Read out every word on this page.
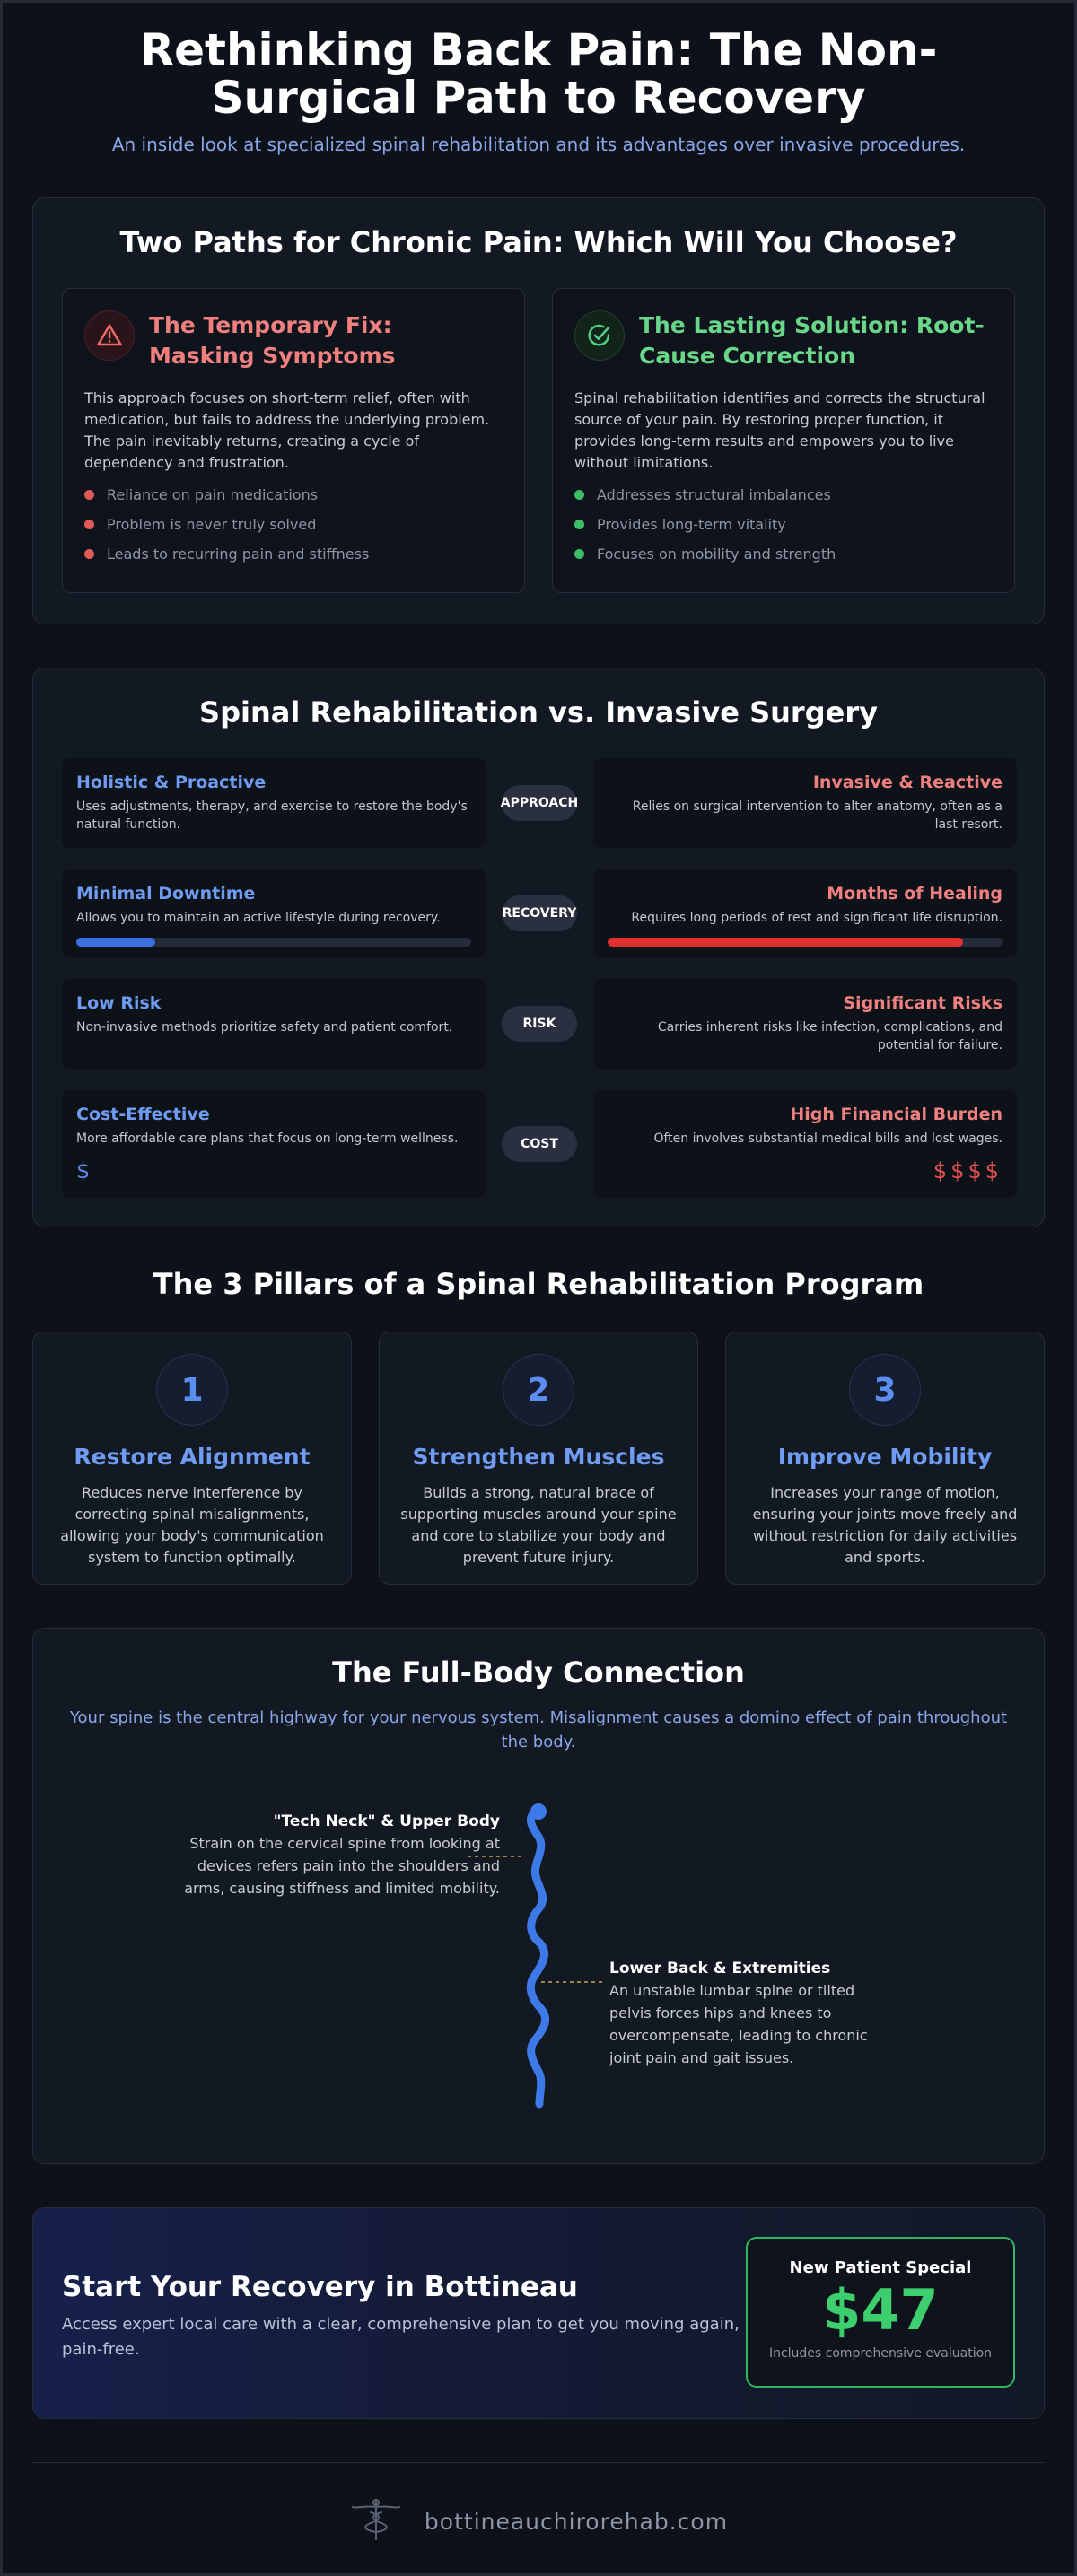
Rethinking Back Pain: The Non-Surgical Path to Recovery

An inside look at specialized spinal rehabilitation and its advantages over invasive procedures.

Two Paths for Chronic Pain: Which Will You Choose?
The Temporary Fix: Masking Symptoms

This approach focuses on short-term relief, often with medication, but fails to address the underlying problem. The pain inevitably returns, creating a cycle of dependency and frustration.

Reliance on pain medications
Problem is never truly solved
Leads to recurring pain and stiffness
The Lasting Solution: Root-Cause Correction

Spinal rehabilitation identifies and corrects the structural source of your pain. By restoring proper function, it provides long-term results and empowers you to live without limitations.

Addresses structural imbalances
Provides long-term vitality
Focuses on mobility and strength
Spinal Rehabilitation vs. Invasive Surgery
Holistic & Proactive
Uses adjustments, therapy, and exercise to restore the body's natural function.
APPROACH
Invasive & Reactive
Relies on surgical intervention to alter anatomy, often as a last resort.
Minimal Downtime
Allows you to maintain an active lifestyle during recovery.	RECOVERY
Months of Healing
Requires long periods of rest and significant life disruption.
Low Risk
Non-invasive methods prioritize safety and patient comfort.	RISK
Significant Risks
Carries inherent risks like infection, complications, and potential for failure.
Cost-Effective
More affordable care plans that focus on long-term wellness.
$
COST
High Financial Burden
Often involves substantial medical bills and lost wages.
$$$$
The 3 Pillars of a Spinal Rehabilitation Program
1
Restore Alignment
Reduces nerve interference by correcting spinal misalignments, allowing your body's communication system to function optimally.
2
Strengthen Muscles
Builds a strong, natural brace of supporting muscles around your spine and core to stabilize your body and prevent future injury.
3
Improve Mobility
Increases your range of motion, ensuring your joints move freely and without restriction for daily activities and sports.
The Full-Body Connection

Your spine is the central highway for your nervous system. Misalignment causes a domino effect of pain throughout the body.

"Tech Neck" & Upper Body
Strain on the cervical spine from looking at devices refers pain into the shoulders and arms, causing stiffness and limited mobility.
Lower Back & Extremities
An unstable lumbar spine or tilted pelvis forces hips and knees to overcompensate, leading to chronic joint pain and gait issues.
Start Your Recovery in Bottineau
Access expert local care with a clear, comprehensive plan to get you moving again, pain-free.
New Patient Special
$47
Includes comprehensive evaluation
bottineauchirorehab.com
